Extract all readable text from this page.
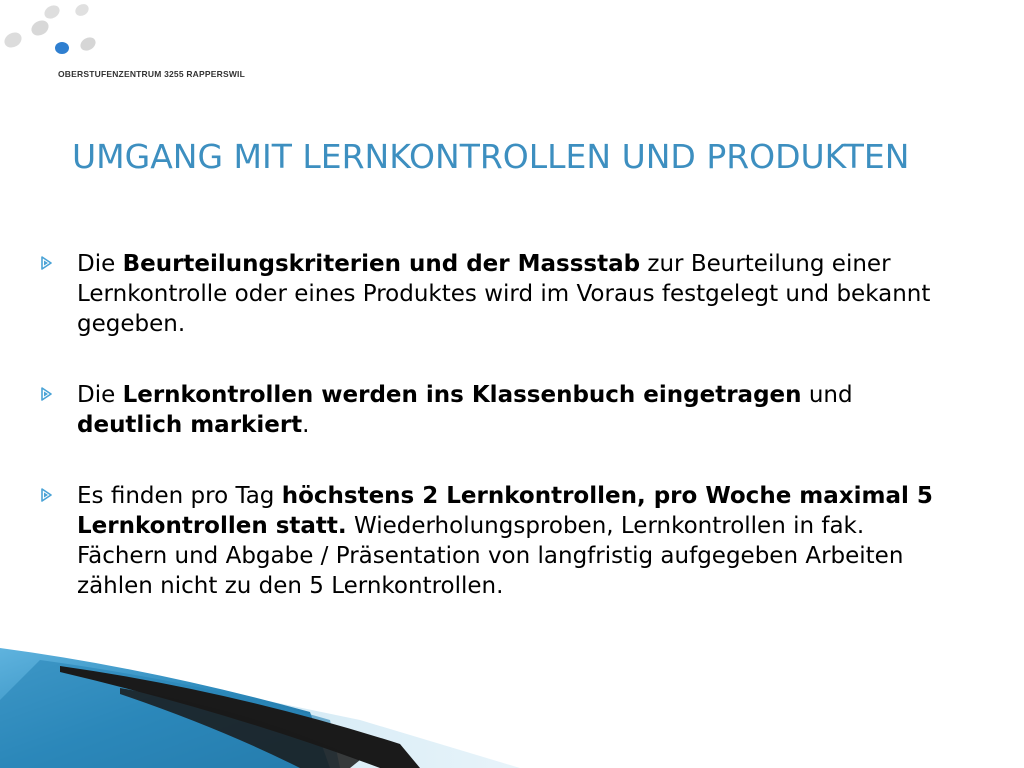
OBERSTUFENZENTRUM 3255 RAPPERSWIL
UMGANG MIT LERNKONTROLLEN UND PRODUKTEN
Die Beurteilungskriterien und der Massstab zur Beurteilung einer Lernkontrolle oder eines Produktes wird im Voraus festgelegt und bekannt gegeben.
Die Lernkontrollen werden ins Klassenbuch eingetragen und deutlich markiert.
Es finden pro Tag höchstens 2 Lernkontrollen, pro Woche maximal 5 Lernkontrollen statt. Wiederholungsproben, Lernkontrollen in fak. Fächern und Abgabe / Präsentation von langfristig aufgegeben Arbeiten zählen nicht zu den 5 Lernkontrollen.
